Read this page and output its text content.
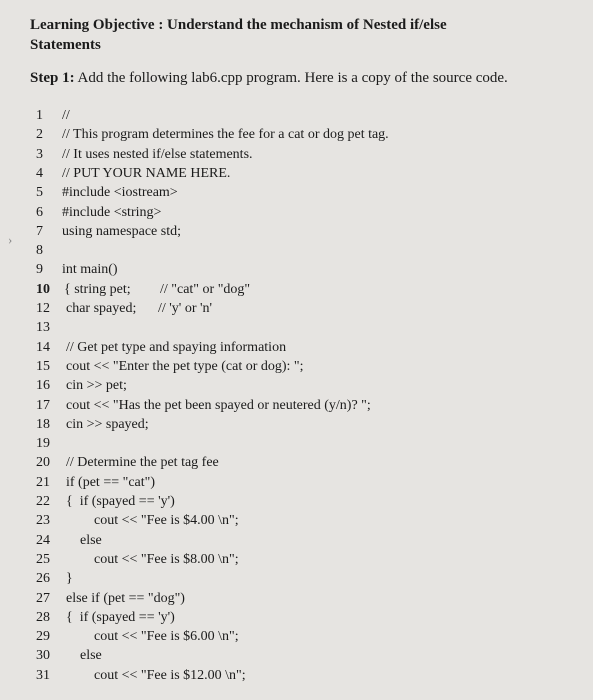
Learning Objective : Understand the mechanism of Nested if/else
Statements
Step 1: Add the following lab6.cpp program. Here is a copy of the source code.
1 //
2 // This program determines the fee for a cat or dog pet tag.
3 // It uses nested if/else statements.
4 // PUT YOUR NAME HERE.
5 #include <iostream>
6 #include <string>
7 using namespace std;
8
9 int main()
10 { string pet; // "cat" or "dog"
12 char spayed; // 'y' or 'n'
13
14 // Get pet type and spaying information
15 cout << "Enter the pet type (cat or dog): ";
16 cin >> pet;
17 cout << "Has the pet been spayed or neutered (y/n)? ";
18 cin >> spayed;
19
20 // Determine the pet tag fee
21 if (pet == "cat")
22 {  if (spayed == 'y')
23        cout << "Fee is $4.00 \n";
24    else
25        cout << "Fee is $8.00 \n";
26 }
27 else if (pet == "dog")
28 {  if (spayed == 'y')
29        cout << "Fee is $6.00 \n";
30    else
31        cout << "Fee is $12.00 \n";
›
